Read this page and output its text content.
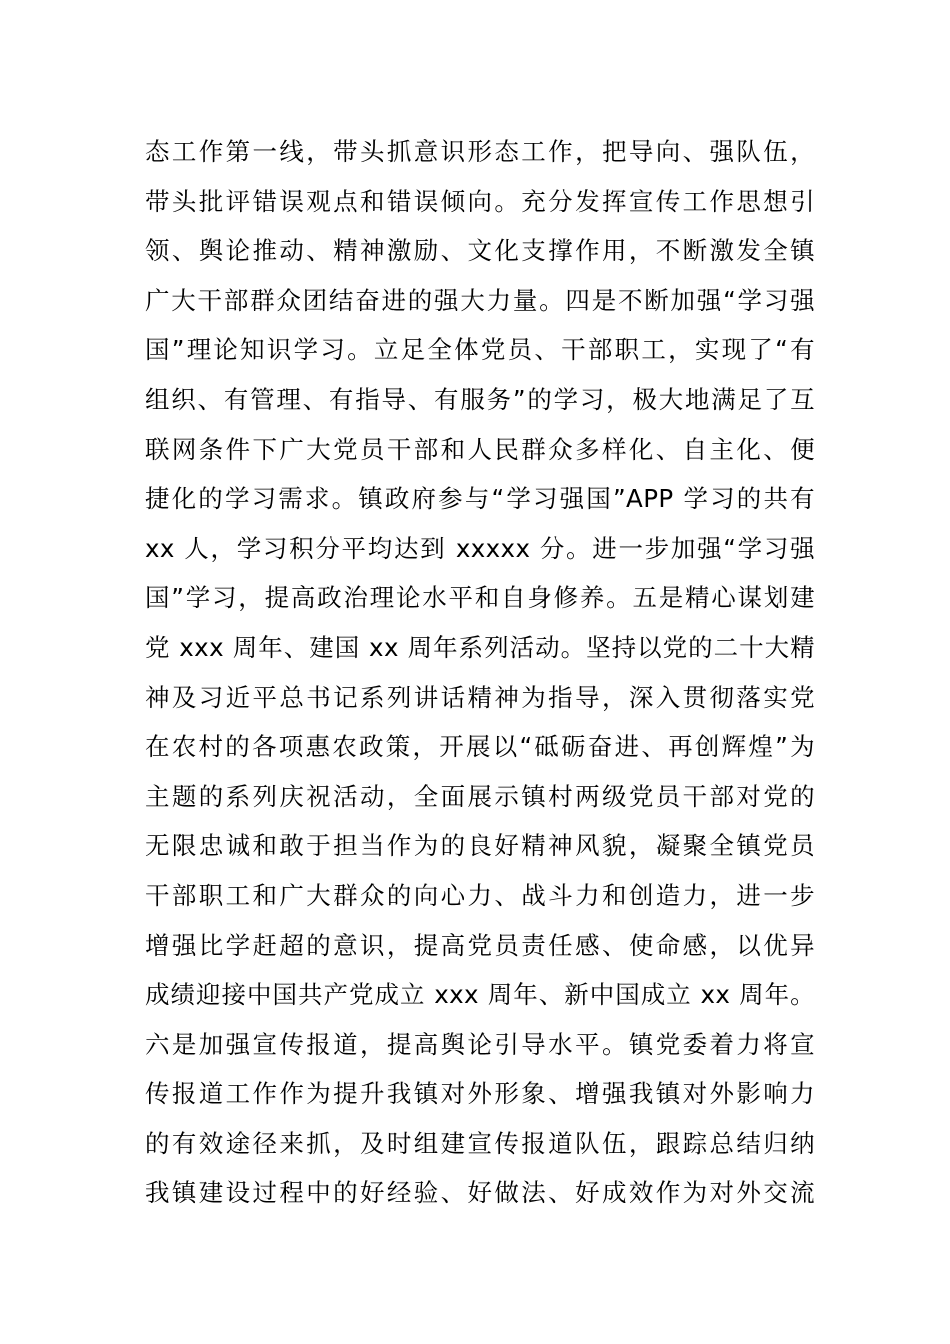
态工作第一线，带头抓意识形态工作，把导向、强队伍，
带头批评错误观点和错误倾向。充分发挥宣传工作思想引
领、舆论推动、精神激励、文化支撑作用，不断激发全镇
广大干部群众团结奋进的强大力量。四是不断加强“学习强
国”理论知识学习。立足全体党员、干部职工，实现了“有
组织、有管理、有指导、有服务”的学习，极大地满足了互
联网条件下广大党员干部和人民群众多样化、自主化、便
捷化的学习需求。镇政府参与“学习强国”APP 学习的共有
xx 人，学习积分平均达到 xxxxx 分。进一步加强“学习强
国”学习，提高政治理论水平和自身修养。五是精心谋划建
党 xxx 周年、建国 xx 周年系列活动。坚持以党的二十大精
神及习近平总书记系列讲话精神为指导，深入贯彻落实党
在农村的各项惠农政策，开展以“砥砺奋进、再创辉煌”为
主题的系列庆祝活动，全面展示镇村两级党员干部对党的
无限忠诚和敢于担当作为的良好精神风貌，凝聚全镇党员
干部职工和广大群众的向心力、战斗力和创造力，进一步
增强比学赶超的意识，提高党员责任感、使命感，以优异
成绩迎接中国共产党成立 xxx 周年、新中国成立 xx 周年。
六是加强宣传报道，提高舆论引导水平。镇党委着力将宣
传报道工作作为提升我镇对外形象、增强我镇对外影响力
的有效途径来抓，及时组建宣传报道队伍，跟踪总结归纳
我镇建设过程中的好经验、好做法、好成效作为对外交流
